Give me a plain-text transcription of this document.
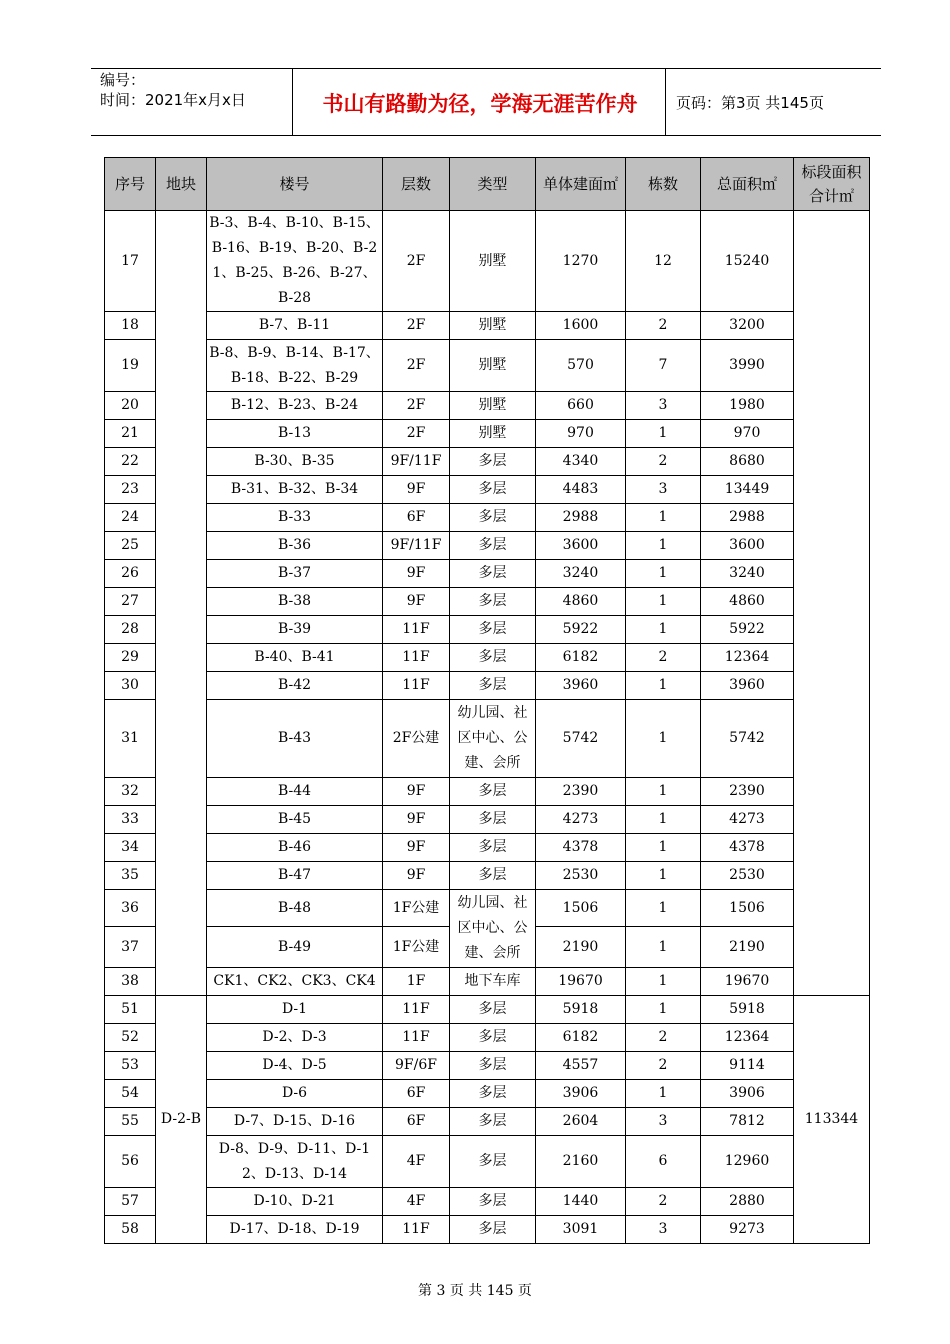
编号：
时间：2021年x月x日	书山有路勤为径，学海无涯苦作舟	页码：第3页 共145页
序号	地块	楼号	层数	类型	单体建面㎡	栋数	总面积㎡	标段面积合计㎡
17		B-3、B-4、B-10、B-15、B-16、B-19、B-20、B-21、B-25、B-26、B-27、B-28	2F	别墅	1270	12	15240	
18		B-7、B-11	2F	别墅	1600	2	3200	
19		B-8、B-9、B-14、B-17、B-18、B-22、B-29	2F	别墅	570	7	3990	
20		B-12、B-23、B-24	2F	别墅	660	3	1980	
21		B-13	2F	别墅	970	1	970	
22		B-30、B-35	9F/11F	多层	4340	2	8680	
23		B-31、B-32、B-34	9F	多层	4483	3	13449	
24		B-33	6F	多层	2988	1	2988	
25		B-36	9F/11F	多层	3600	1	3600	
26		B-37	9F	多层	3240	1	3240	
27		B-38	9F	多层	4860	1	4860	
28		B-39	11F	多层	5922	1	5922	
29		B-40、B-41	11F	多层	6182	2	12364	
30		B-42	11F	多层	3960	1	3960	
31		B-43	2F公建	幼儿园、社区中心、公建、会所	5742	1	5742	
32		B-44	9F	多层	2390	1	2390	
33		B-45	9F	多层	4273	1	4273	
34		B-46	9F	多层	4378	1	4378	
35		B-47	9F	多层	2530	1	2530	
36		B-48	1F公建	幼儿园、社区中心、公建、会所	1506	1	1506	
37		B-49	1F公建		2190	1	2190	
38		CK1、CK2、CK3、CK4	1F	地下车库	19670	1	19670	
51	D-2-B	D-1	11F	多层	5918	1	5918	113344
52		D-2、D-3	11F	多层	6182	2	12364	
53		D-4、D-5	9F/6F	多层	4557	2	9114	
54		D-6	6F	多层	3906	1	3906	
55		D-7、D-15、D-16	6F	多层	2604	3	7812	
56		D-8、D-9、D-11、D-12、D-13、D-14	4F	多层	2160	6	12960	
57		D-10、D-21	4F	多层	1440	2	2880	
58		D-17、D-18、D-19	11F	多层	3091	3	9273	
第 3 页 共 145 页
